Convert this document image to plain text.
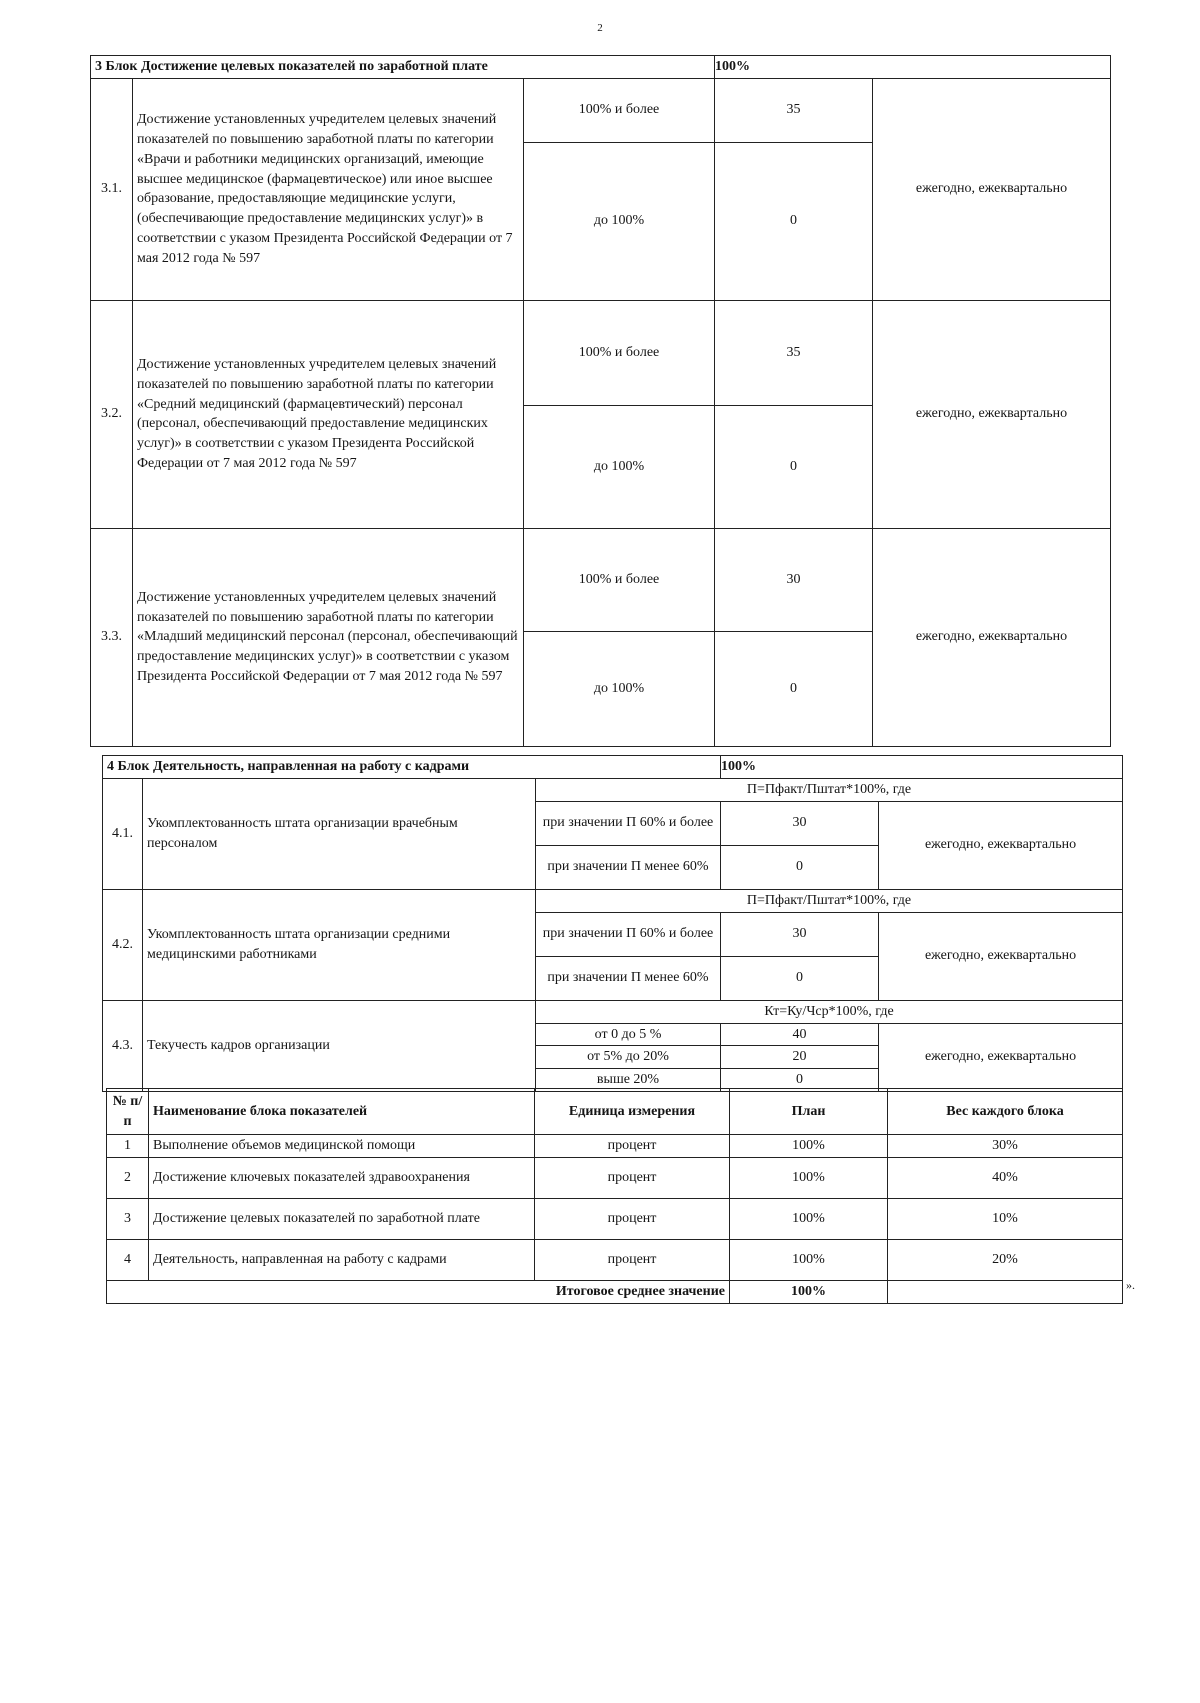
2
3 Блок Достижение целевых показателей по заработной плате			100%	
3.1.	Достижение установленных учредителем целевых значений показателей по повышению заработной платы по категории «Врачи и работники медицинских организаций, имеющие высшее медицинское (фармацевтическое) или иное высшее образование, предоставляющие медицинские услуги, (обеспечивающие предоставление медицинских услуг)» в соответствии с указом Президента Российской Федерации от 7 мая 2012 года № 597	100% и более	35	ежегодно, ежеквартально
		до 100%	0	
3.2.	Достижение установленных учредителем целевых значений показателей по повышению заработной платы по категории «Средний медицинский (фармацевтический) персонал (персонал, обеспечивающий предоставление медицинских услуг)» в соответствии с указом Президента Российской Федерации от 7 мая 2012 года № 597	100% и более	35	ежегодно, ежеквартально
		до 100%	0	
3.3.	Достижение установленных учредителем целевых значений показателей по повышению заработной платы по категории «Младший медицинский персонал (персонал, обеспечивающий предоставление медицинских услуг)» в соответствии с указом Президента Российской Федерации от 7 мая 2012 года № 597	100% и более	30	ежегодно, ежеквартально
		до 100%	0	
4 Блок Деятельность, направленная на работу с кадрами			100%	
4.1.	Укомплектованность штата организации врачебным персоналом	П=Пфакт/Пштат*100%, где		
		при значении П 60% и более	30	ежегодно, ежеквартально
		при значении П менее 60%	0	
4.2.	Укомплектованность штата организации средними медицинскими работниками	П=Пфакт/Пштат*100%, где		
		при значении П 60% и более	30	ежегодно, ежеквартально
		при значении П менее 60%	0	
4.3.	Текучесть кадров организации	Кт=Ку/Чср*100%, где		
		от 0 до 5 %	40	ежегодно, ежеквартально
		от 5% до 20%	20	
		выше 20%	0	
№ п/п	Наименование блока показателей	Единица измерения	План	Вес каждого блока
1	Выполнение объемов медицинской помощи	процент	100%	30%
2	Достижение ключевых показателей здравоохранения	процент	100%	40%
3	Достижение целевых показателей по заработной плате	процент	100%	10%
4	Деятельность, направленная на работу с кадрами	процент	100%	20%
Итоговое среднее значение			100%		».
